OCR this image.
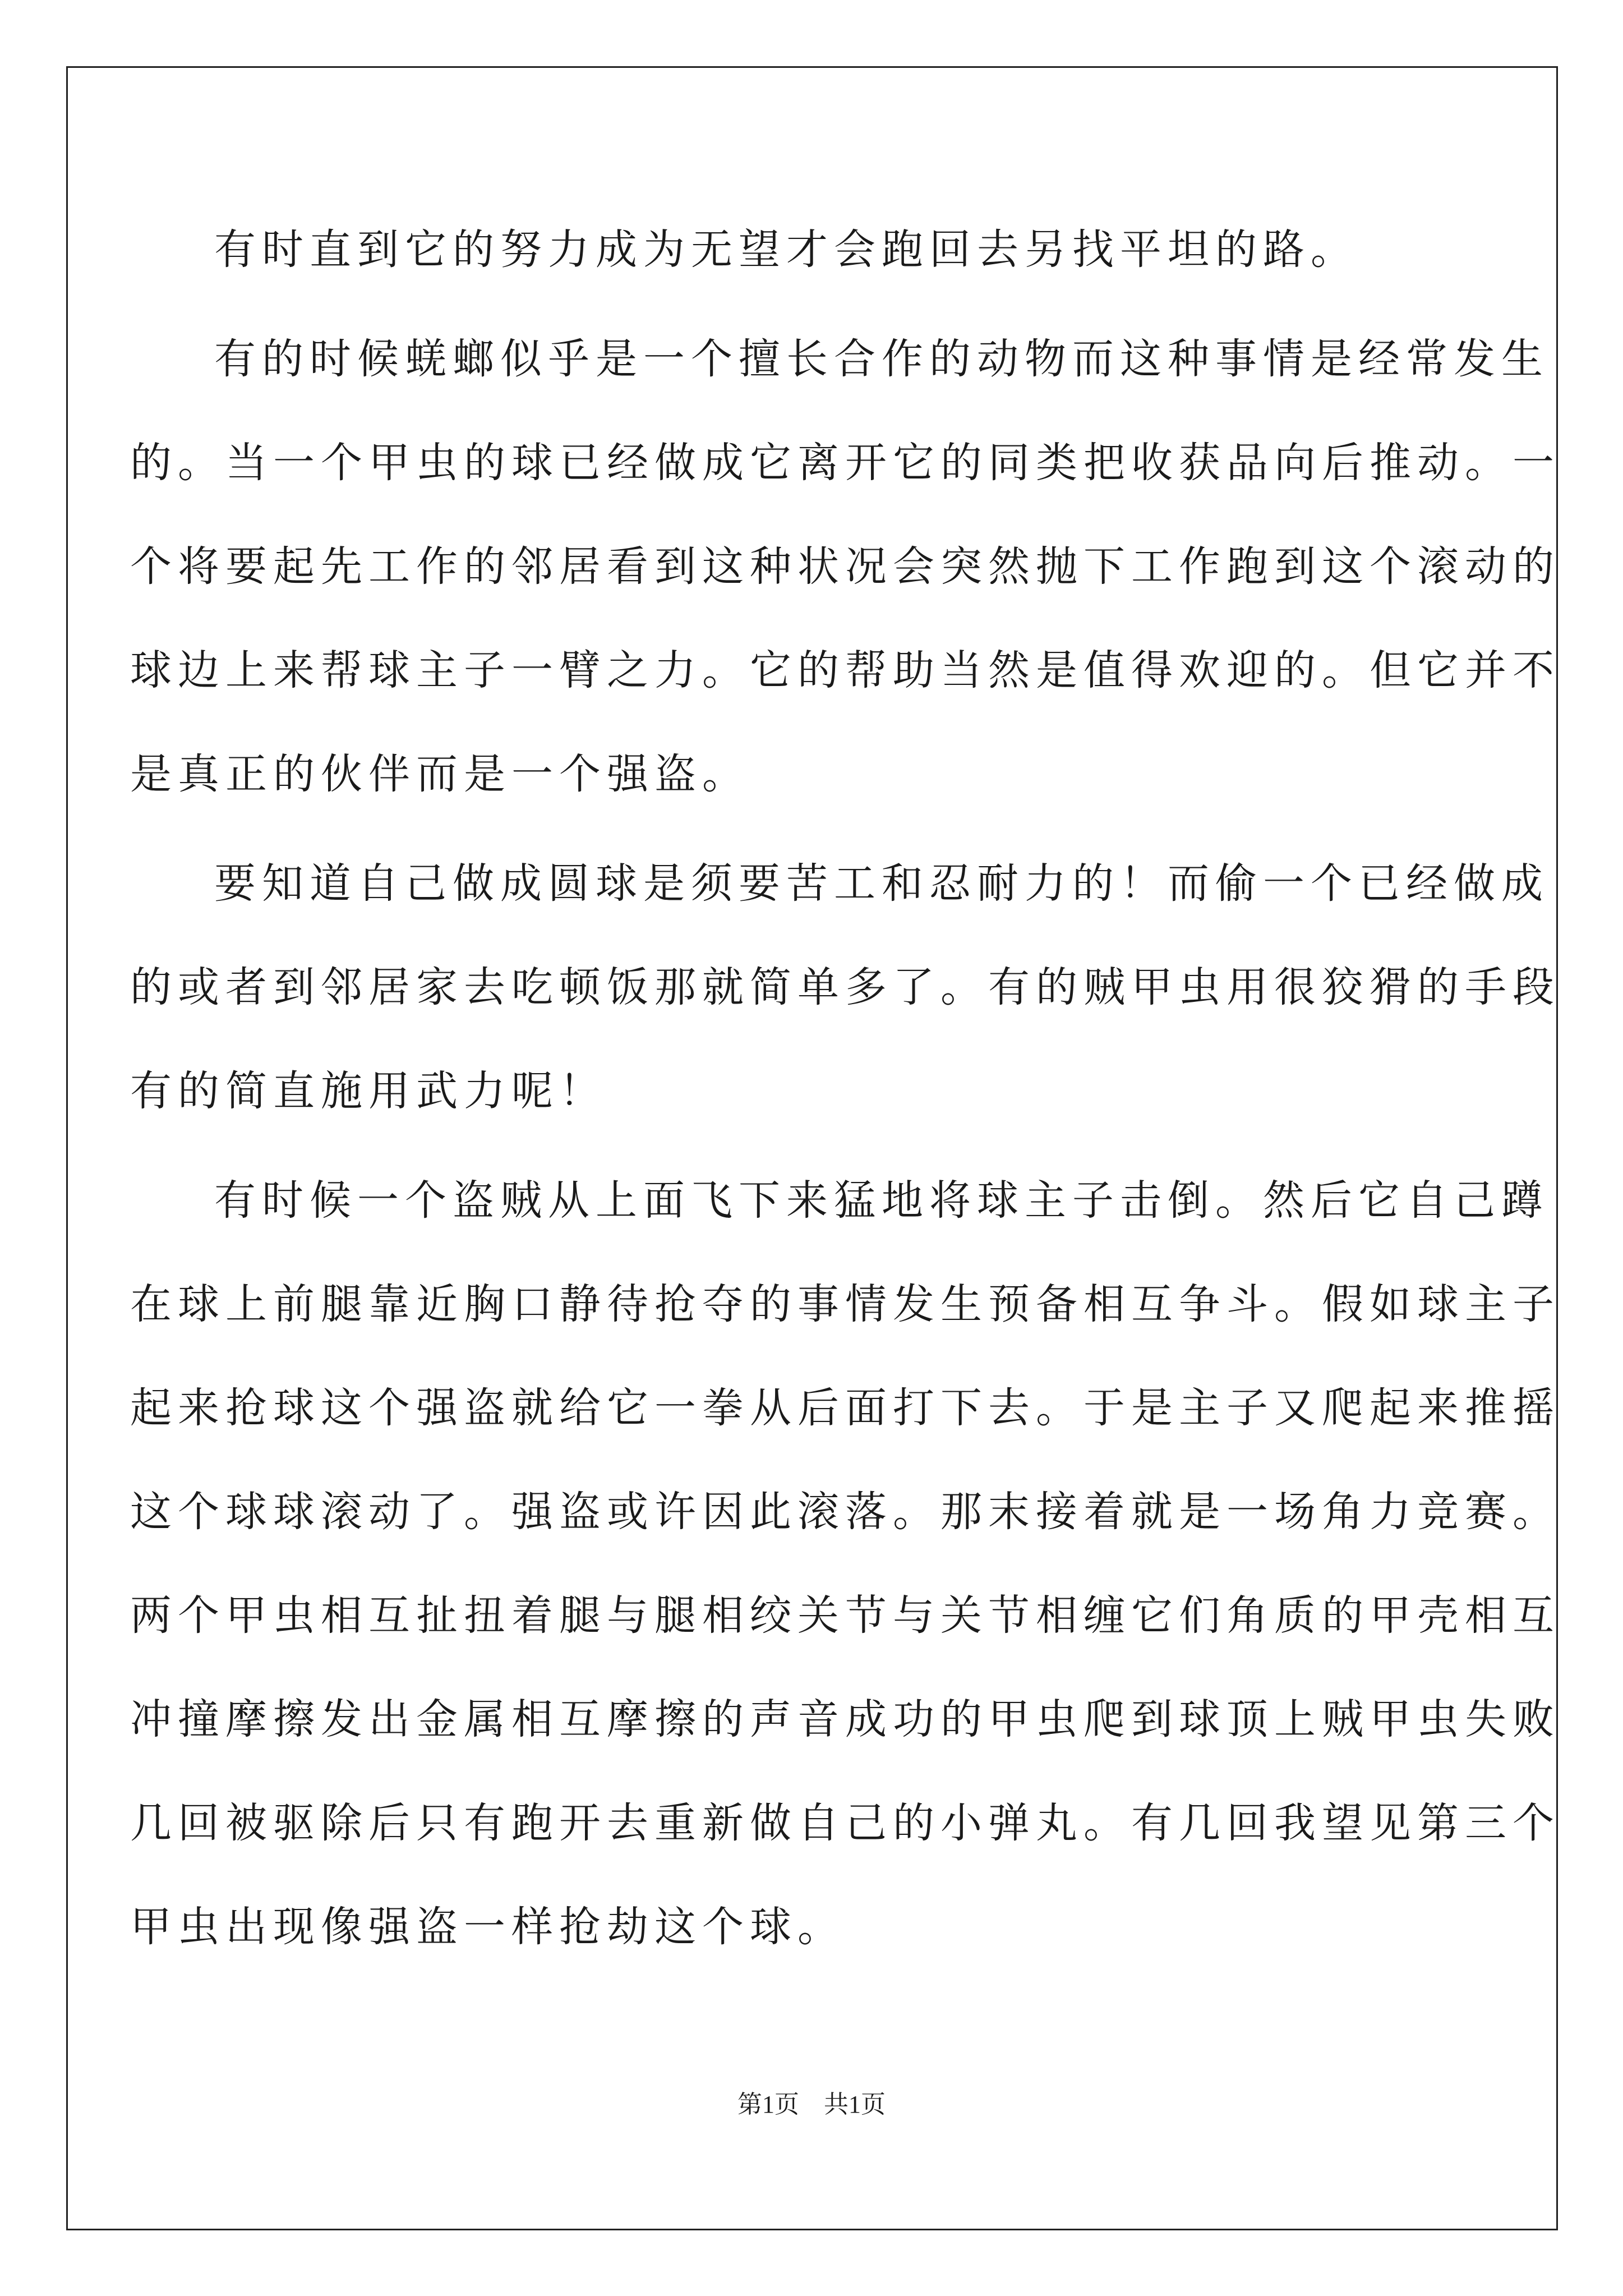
有时直到它的努力成为无望才会跑回去另找平坦的路。
有的时候蜣螂似乎是一个擅长合作的动物而这种事情是经常发生
的。当一个甲虫的球已经做成它离开它的同类把收获品向后推动。一
个将要起先工作的邻居看到这种状况会突然抛下工作跑到这个滚动的
球边上来帮球主子一臂之力。它的帮助当然是值得欢迎的。但它并不
是真正的伙伴而是一个强盗。
要知道自己做成圆球是须要苦工和忍耐力的！而偷一个已经做成
的或者到邻居家去吃顿饭那就简单多了。有的贼甲虫用很狡猾的手段
有的简直施用武力呢！
有时候一个盗贼从上面飞下来猛地将球主子击倒。然后它自己蹲
在球上前腿靠近胸口静待抢夺的事情发生预备相互争斗。假如球主子
起来抢球这个强盗就给它一拳从后面打下去。于是主子又爬起来推摇
这个球球滚动了。强盗或许因此滚落。那末接着就是一场角力竞赛。
两个甲虫相互扯扭着腿与腿相绞关节与关节相缠它们角质的甲壳相互
冲撞摩擦发出金属相互摩擦的声音成功的甲虫爬到球顶上贼甲虫失败
几回被驱除后只有跑开去重新做自己的小弹丸。有几回我望见第三个
甲虫出现像强盗一样抢劫这个球。
第1页　共1页
